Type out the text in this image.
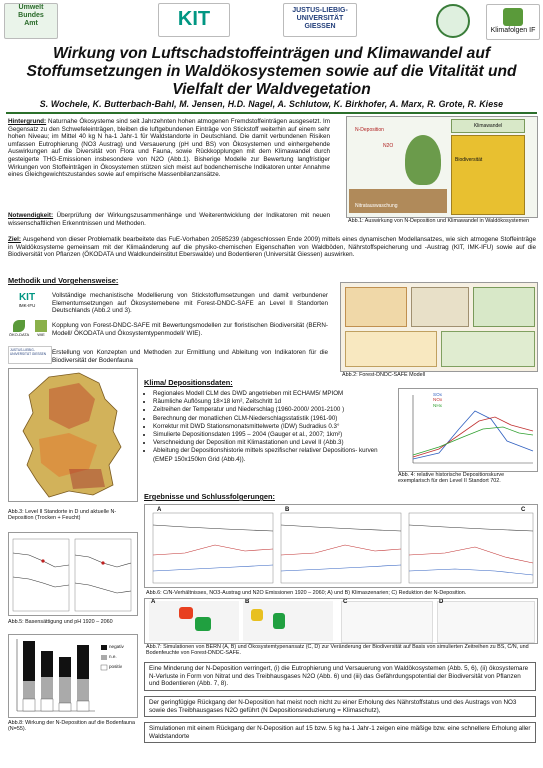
Umwelt
Bundes
Amt	KIT	JUSTUS-LIEBIG-
UNIVERSITÄT
GIESSEN
Klimafolgen IF
Wirkung von Luftschadstoffeinträgen und Klimawandel auf
Stoffumsetzungen in Waldökosystemen sowie auf die Vitalität und
Vielfalt der Waldvegetation
S. Wochele, K. Butterbach-Bahl, M. Jensen, H.D. Nagel, A. Schlutow, K. Birkhofer, A. Marx, R. Grote, R. Kiese
Hintergrund: Naturnahe Ökosysteme sind seit Jahrzehnten hohen atmogenen Fremdstoffeinträgen ausgesetzt. Im Gegensatz zu den Schwefeleinträgen, bleiben die luftgebundenen Einträge von Stickstoff weiterhin auf einem sehr hohen Niveau; im Mittel 40 kg N ha-1 Jahr-1 für Waldstandorte in Deutschland. Die damit verbundenen Risiken umfassen Eutrophierung (NO3 Austrag) und Versauerung (pH und BS) von Ökosystemen und einhergehende Auswirkungen auf die Diversität von Flora und Fauna, sowie Rückkopplungen mit dem Klimawandel durch gesteigerte THG-Emissionen insbesondere von N2O (Abb.1). Bisherige Modelle zur Bewertung langfristiger Wirkungen von Stoffeinträgen in Ökosystemen stützen sich meist auf bodenchemische Indikatoren unter Annahme eines Gleichgewichtszustandes sowie auf empirische Massenbilanzansätze.
Notwendigkeit: Überprüfung der Wirkungszusammenhänge und Weiterentwicklung der Indikatoren mit neuen wissenschaftlichen Erkenntnissen und Methoden.
Klimawandel
N-Deposition
N2O
Nitratauswaschung
Biodiversität
Abb.1: Auswirkung von N-Deposition und Klimawandel in Waldökosystemen
Ziel: Ausgehend von dieser Problematik bearbeitete das FuE-Vorhaben 20585239 (abgeschlossen Ende 2009) mittels eines dynamischen Modellansatzes, wie sich atmogene Stoffeinträge in Waldökosysteme gemeinsam mit der Klimaänderung auf die physiko-chemischen Eigenschaften von Waldböden, Nährstoffspeicherung und -Austrag (KIT, IMK-IFU) sowie auf die Biodiversität von Pflanzen (ÖKODATA und Waldkundeinstitut Eberswalde) und Bodentieren (Universität Giessen) auswirken.
Methodik und Vorgehensweise:
KIT
IMK-IFU
Vollständige mechanistische Modellierung von Stickstoffumsetzungen und damit verbundener Elementumsetzungen auf Ökosystemebene mit Forest-DNDC-SAFE an Level II Standorten Deutschlands (Abb.2 und 3).
ÖKO-DATA	WIE
Kopplung von Forest-DNDC-SAFE mit Bewertungsmodellen zur floristischen Biodiversität (BERN-Modell/ ÖKODATA und Ökosystemtypenmodell/ WIE).
JUSTUS-LIEBIG-UNIVERSITÄT GIESSEN Erstellung von Konzepten und Methoden zur Ermittlung und Ableitung von Indikatoren für die Biodiversität der Bodenfauna
Abb.2: Forest-DNDC-SAFE Modell
Abb.3: Level II Standorte in D und aktuelle N-Deposition (Trocken + Feucht)
Klima/ Depositionsdaten:
• Regionales Modell CLM des DWD angetrieben mit ECHAM5/ MPIOM
• Räumliche Auflösung 18×18 km², Zeitschritt 1d
• Zeitreihen der Temperatur und Niederschlag (1960-2000/ 2001-2100 )
• Berechnung der monatlichen CLM-Niederschlagsstatistik (1961-90)
• Korrektur mit DWD Stationsmonatsmittelwerte (IDW) Sudradius 0.3°
• Simulierte Depositionsdaten 1995 – 2004 (Gauger et al., 2007; 1km²)
• Verschneidung der Deposition mit Klimastationen und Level II (Abb.3)
• Ableitung der Depositionshistorie mittels spezifischer relativer Depositions- kurven (EMEP 150x150km Grid (Abb.4)).
SOx
NOx
NHx
Abb. 4: relative historische Depositionskurve exemplarisch für den Level II Standort 702.
Ergebnisse und Schlussfolgerungen:
Abb.5: Basensättigung und pH 1920 – 2060
A	B	C
Abb.6: C/N-Verhältnisses, NO3-Austrag und N2O Emissionen 1920 – 2060; A) und B) Klimaszenarien; C) Reduktion der N-Deposition.
A	B	C	D
Abb.7: Simulationen von BERN (A, B) und Ökosystemtypenansatz (C, D) zur Veränderung der Biodiversität auf Basis von simulierten Zeitreihen zu BS, C/N, und Bodenfeuchte von Forest-DNDC-SAFE.
negativ
n.e.
positiv
Abb.8: Wirkung der N-Deposition auf die Bodenfauna (N=55).
Eine Minderung der N-Deposition verringert, (i) die Eutrophierung und Versauerung von Waldökosystemen (Abb. 5, 6), (ii) ökosystemare N-Verluste in Form von Nitrat und des Treibhausgases N2O (Abb. 6) und (iii) das Gefährdungspotential der Biodiversität von Pflanzen und Bodentieren (Abb. 7, 8).
Der geringfügige Rückgang der N-Deposition hat meist noch nicht zu einer Erholung des Nährstoffstatus und des Austrags von NO3 sowie des Treibhausgases N2O geführt (N Depositionsreduzierung = Klimaschutz),
Simulationen mit einem Rückgang der N-Deposition auf 15 bzw. 5 kg ha-1 Jahr-1 zeigen eine mäßige bzw. eine schnellere Erholung aller Waldstandorte
